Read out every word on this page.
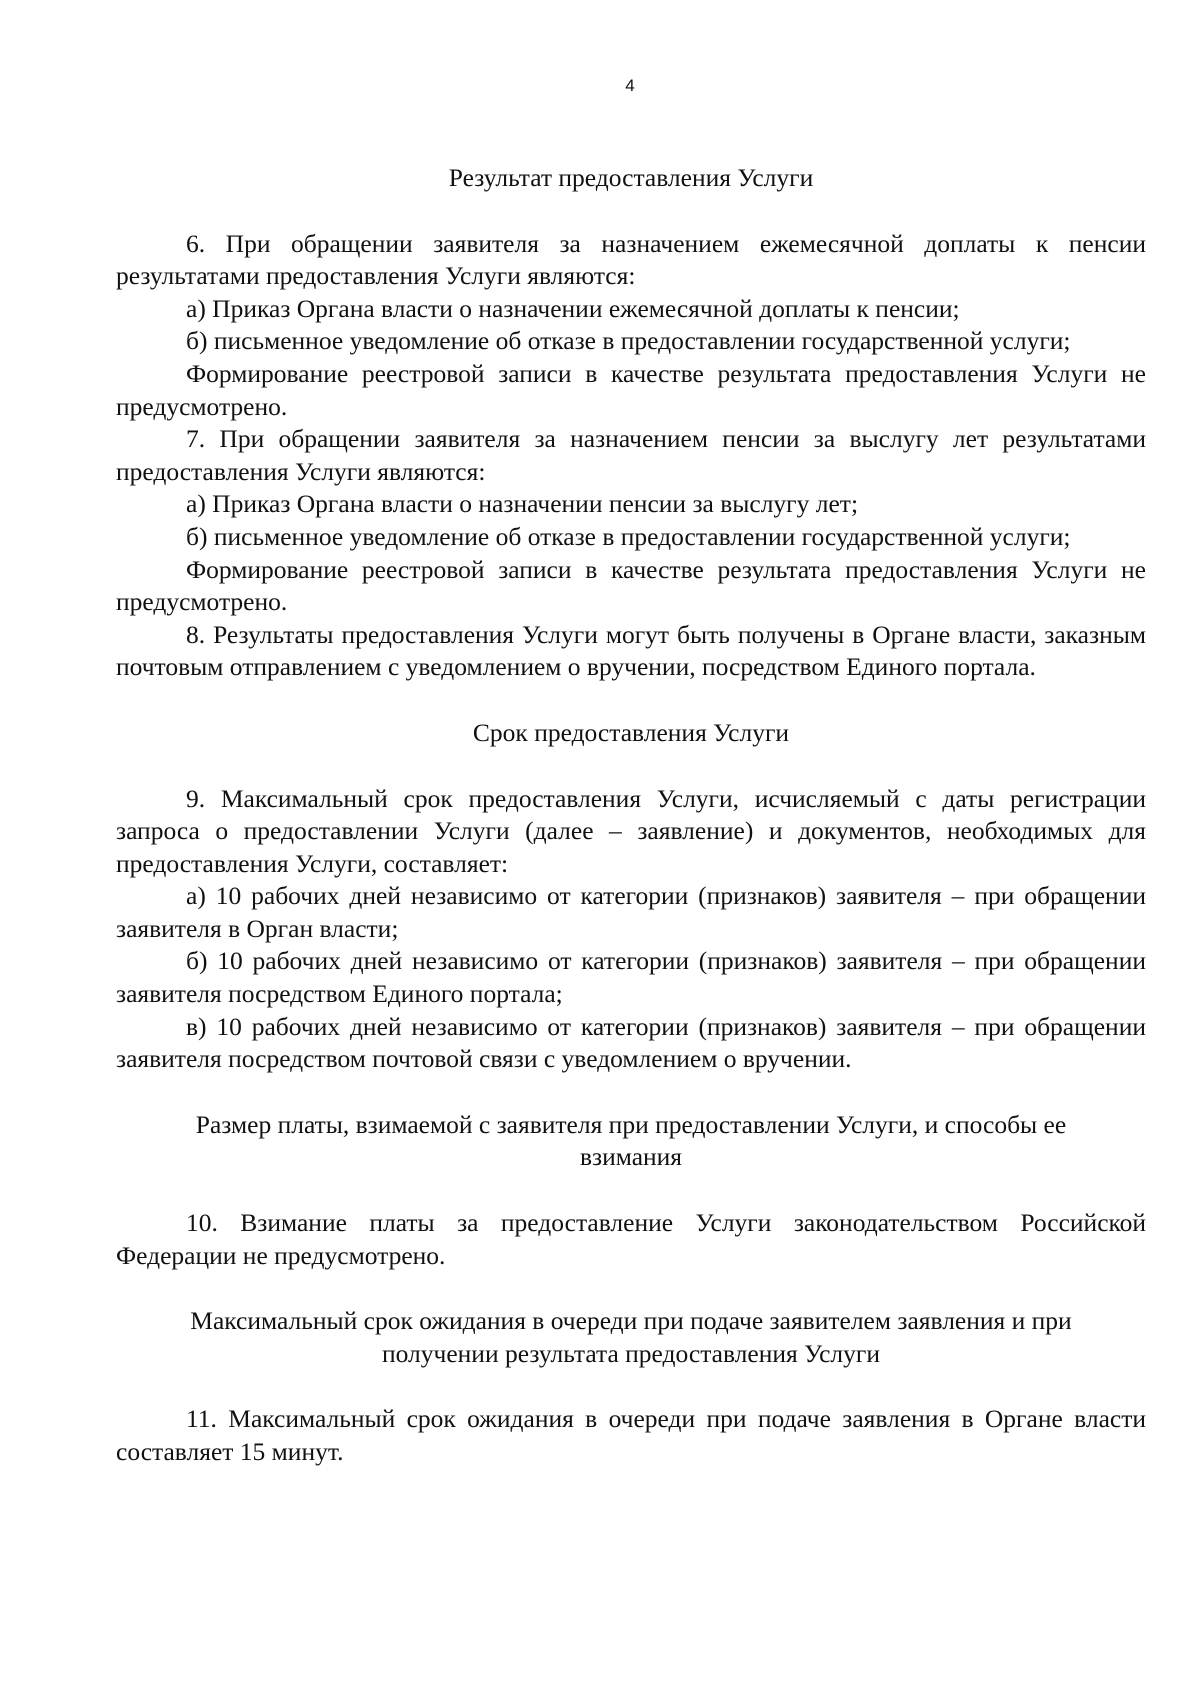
4

Результат предоставления Услуги

6. При обращении заявителя за назначением ежемесячной доплаты к пенсии результатами предоставления Услуги являются:

а) Приказ Органа власти о назначении ежемесячной доплаты к пенсии;

б) письменное уведомление об отказе в предоставлении государственной услуги;

Формирование реестровой записи в качестве результата предоставления Услуги не предусмотрено.

7. При обращении заявителя за назначением пенсии за выслугу лет результатами предоставления Услуги являются:

а) Приказ Органа власти о назначении пенсии за выслугу лет;

б) письменное уведомление об отказе в предоставлении государственной услуги;

Формирование реестровой записи в качестве результата предоставления Услуги не предусмотрено.

8. Результаты предоставления Услуги могут быть получены в Органе власти, заказным почтовым отправлением с уведомлением о вручении, посредством Единого портала.

Срок предоставления Услуги

9. Максимальный срок предоставления Услуги, исчисляемый с даты регистрации запроса о предоставлении Услуги (далее – заявление) и документов, необходимых для предоставления Услуги, составляет:

а) 10 рабочих дней независимо от категории (признаков) заявителя – при обращении заявителя в Орган власти;

б) 10 рабочих дней независимо от категории (признаков) заявителя – при обращении заявителя посредством Единого портала;

в) 10 рабочих дней независимо от категории (признаков) заявителя – при обращении заявителя посредством почтовой связи с уведомлением о вручении.

Размер платы, взимаемой с заявителя при предоставлении Услуги, и способы ее

взимания

10. Взимание платы за предоставление Услуги законодательством Российской Федерации не предусмотрено.

Максимальный срок ожидания в очереди при подаче заявителем заявления и при

получении результата предоставления Услуги

11. Максимальный срок ожидания в очереди при подаче заявления в Органе власти составляет 15 минут.
